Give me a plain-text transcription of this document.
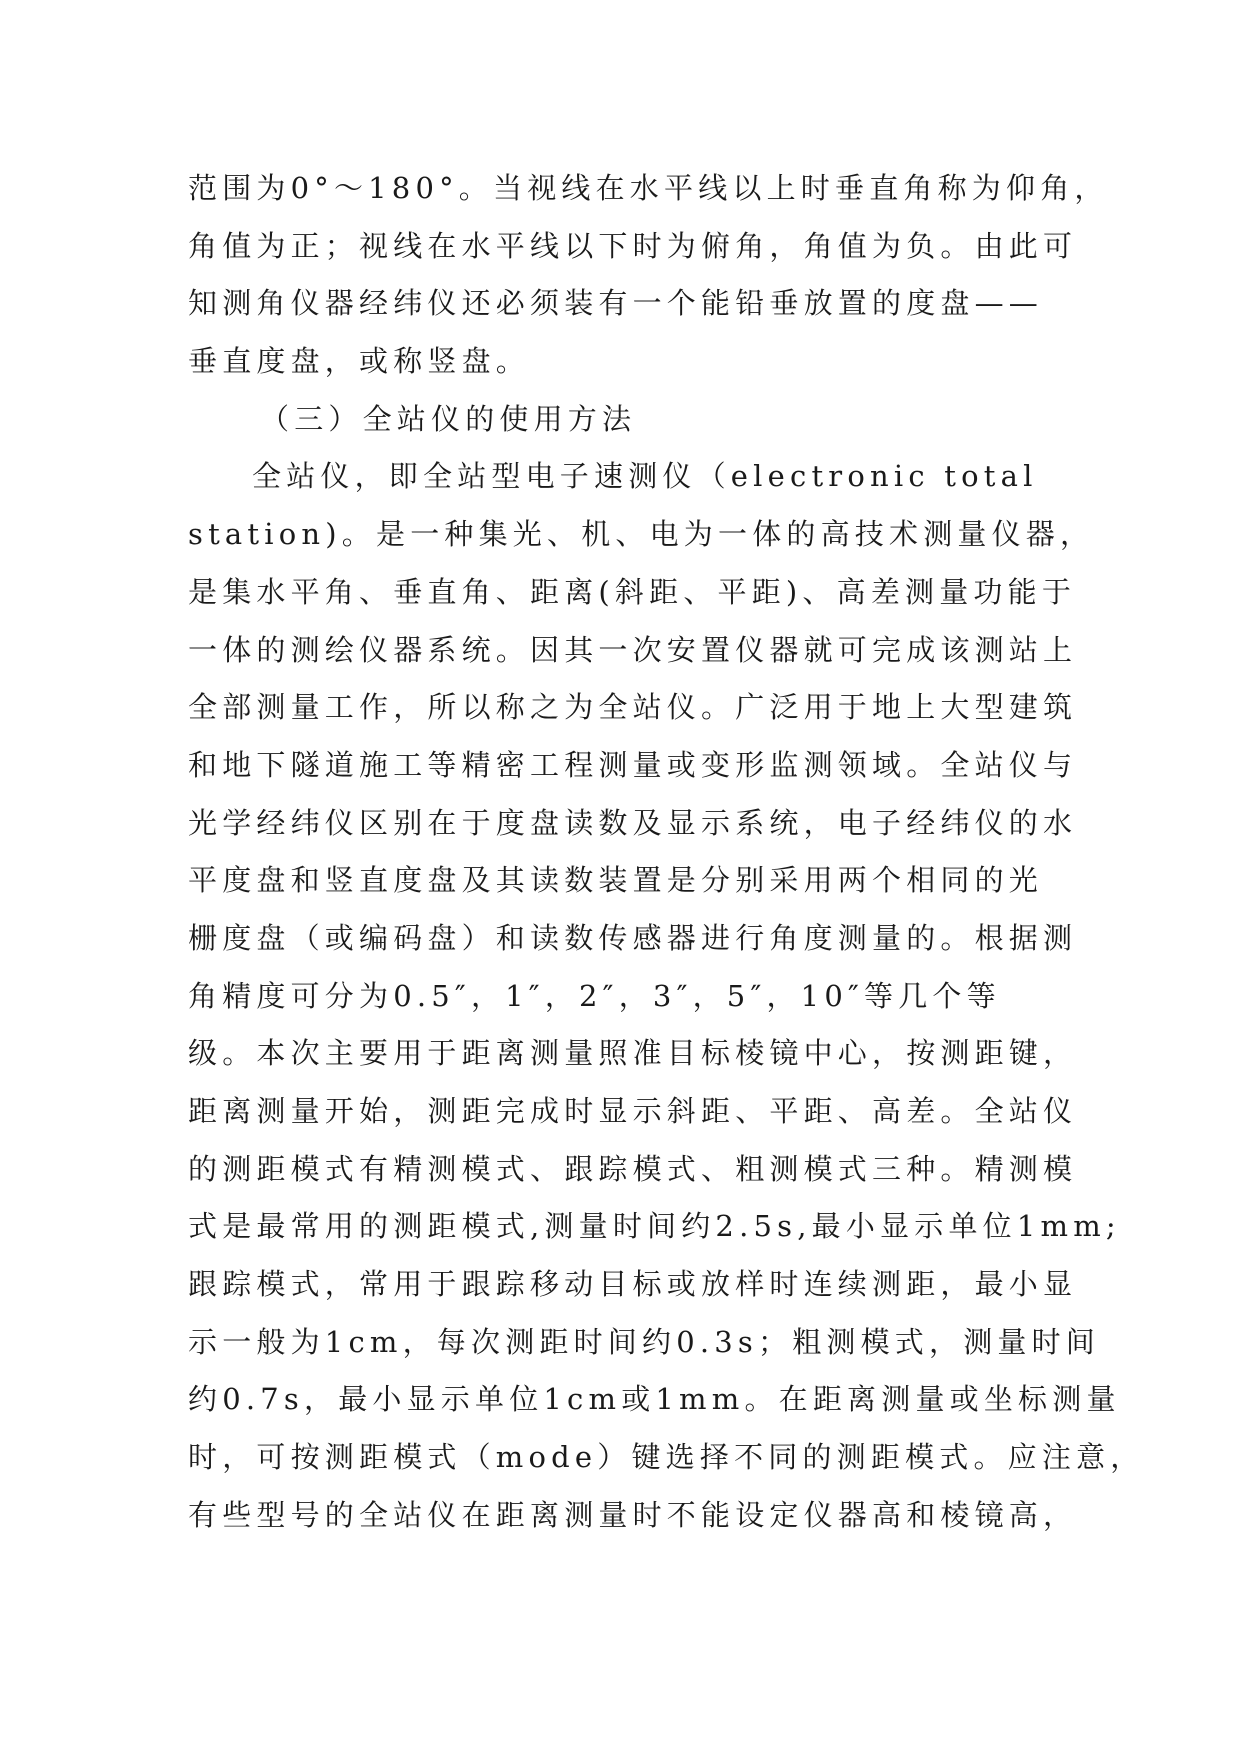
范围为0°～180°。当视线在水平线以上时垂直角称为仰角，
角值为正；视线在水平线以下时为俯角，角值为负。由此可
知测角仪器经纬仪还必须装有一个能铅垂放置的度盘——
垂直度盘，或称竖盘。
（三）全站仪的使用方法
全站仪，即全站型电子速测仪（electronic total
station)。是一种集光、机、电为一体的高技术测量仪器，
是集水平角、垂直角、距离(斜距、平距)、高差测量功能于
一体的测绘仪器系统。因其一次安置仪器就可完成该测站上
全部测量工作，所以称之为全站仪。广泛用于地上大型建筑
和地下隧道施工等精密工程测量或变形监测领域。全站仪与
光学经纬仪区别在于度盘读数及显示系统，电子经纬仪的水
平度盘和竖直度盘及其读数装置是分别采用两个相同的光
栅度盘（或编码盘）和读数传感器进行角度测量的。根据测
角精度可分为0.5″，1″，2″，3″，5″，10″等几个等
级。本次主要用于距离测量照准目标棱镜中心，按测距键，
距离测量开始，测距完成时显示斜距、平距、高差。全站仪
的测距模式有精测模式、跟踪模式、粗测模式三种。精测模
式是最常用的测距模式,测量时间约2.5s,最小显示单位1mm;
跟踪模式，常用于跟踪移动目标或放样时连续测距，最小显
示一般为1cm，每次测距时间约0.3s；粗测模式，测量时间
约0.7s，最小显示单位1cm或1mm。在距离测量或坐标测量
时，可按测距模式（mode）键选择不同的测距模式。应注意，
有些型号的全站仪在距离测量时不能设定仪器高和棱镜高，
